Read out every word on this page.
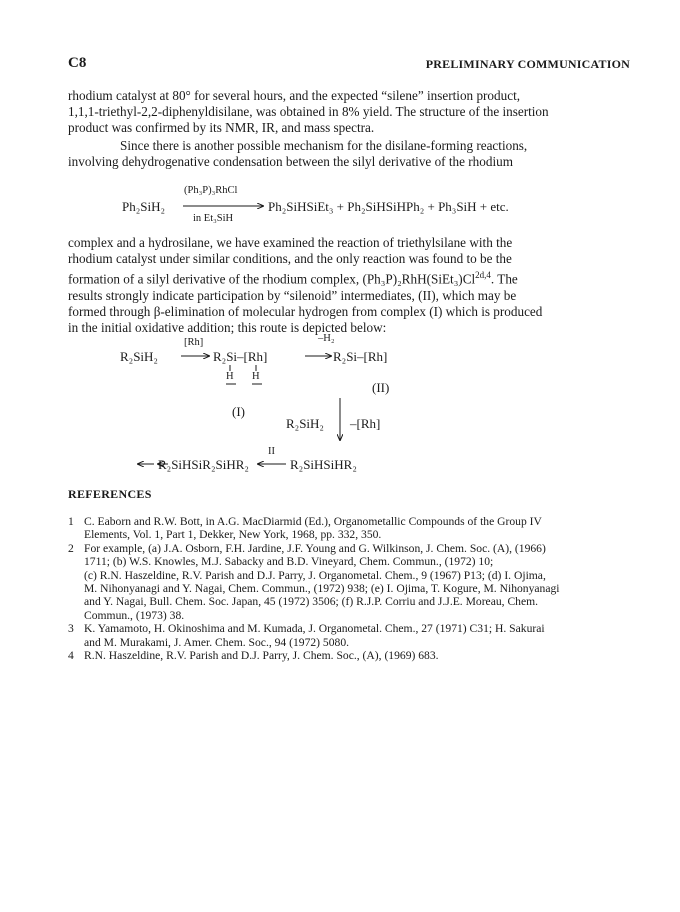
C8	PRELIMINARY COMMUNICATION
rhodium catalyst at 80° for several hours, and the expected “silene” insertion product,
1,1,1-triethyl-2,2-diphenyldisilane, was obtained in 8% yield. The structure of the insertion
product was confirmed by its NMR, IR, and mass spectra.
Since there is another possible mechanism for the disilane-forming reactions,
involving dehydrogenative condensation between the silyl derivative of the rhodium
Ph₂SiH₂
(Ph₃P)₃RhCl
in Et₃SiH
Ph₂SiHSiEt₃ + Ph₂SiHSiHPh₂ + Ph₃SiH + etc.
complex and a hydrosilane, we have examined the reaction of triethylsilane with the
rhodium catalyst under similar conditions, and the only reaction was found to be the
formation of a silyl derivative of the rhodium complex, $(Ph_3P)_2RhH(SiEt_3)Cl^{2d,4}$. The
results strongly indicate participation by “silenoid” intermediates, (II), which may be
formed through β-elimination of molecular hydrogen from complex (I) which is produced
in the initial oxidative addition; this route is depicted below:
R₂SiH₂
[Rh]
R₂Si–[Rh]
H H
–H₂
R₂Si–[Rh]
(II)
(I)
R₂SiH₂ –[Rh]
II
R₂SiHSiHR₂
R₂SiHSiR₂SiHR₂
REFERENCES
1 C. Eaborn and R.W. Bott, in A.G. MacDiarmid (Ed.), Organometallic Compounds of the Group IV
Elements, Vol. 1, Part 1, Dekker, New York, 1968, pp. 332, 350.
2 For example, (a) J.A. Osborn, F.H. Jardine, J.F. Young and G. Wilkinson, J. Chem. Soc. (A), (1966)
1711; (b) W.S. Knowles, M.J. Sabacky and B.D. Vineyard, Chem. Commun., (1972) 10;
(c) R.N. Haszeldine, R.V. Parish and D.J. Parry, J. Organometal. Chem., 9 (1967) P13; (d) I. Ojima,
M. Nihonyanagi and Y. Nagai, Chem. Commun., (1972) 938; (e) I. Ojima, T. Kogure, M. Nihonyanagi
and Y. Nagai, Bull. Chem. Soc. Japan, 45 (1972) 3506; (f) R.J.P. Corriu and J.J.E. Moreau, Chem.
Commun., (1973) 38.
3 K. Yamamoto, H. Okinoshima and M. Kumada, J. Organometal. Chem., 27 (1971) C31; H. Sakurai
and M. Murakami, J. Amer. Chem. Soc., 94 (1972) 5080.
4 R.N. Haszeldine, R.V. Parish and D.J. Parry, J. Chem. Soc., (A), (1969) 683.
